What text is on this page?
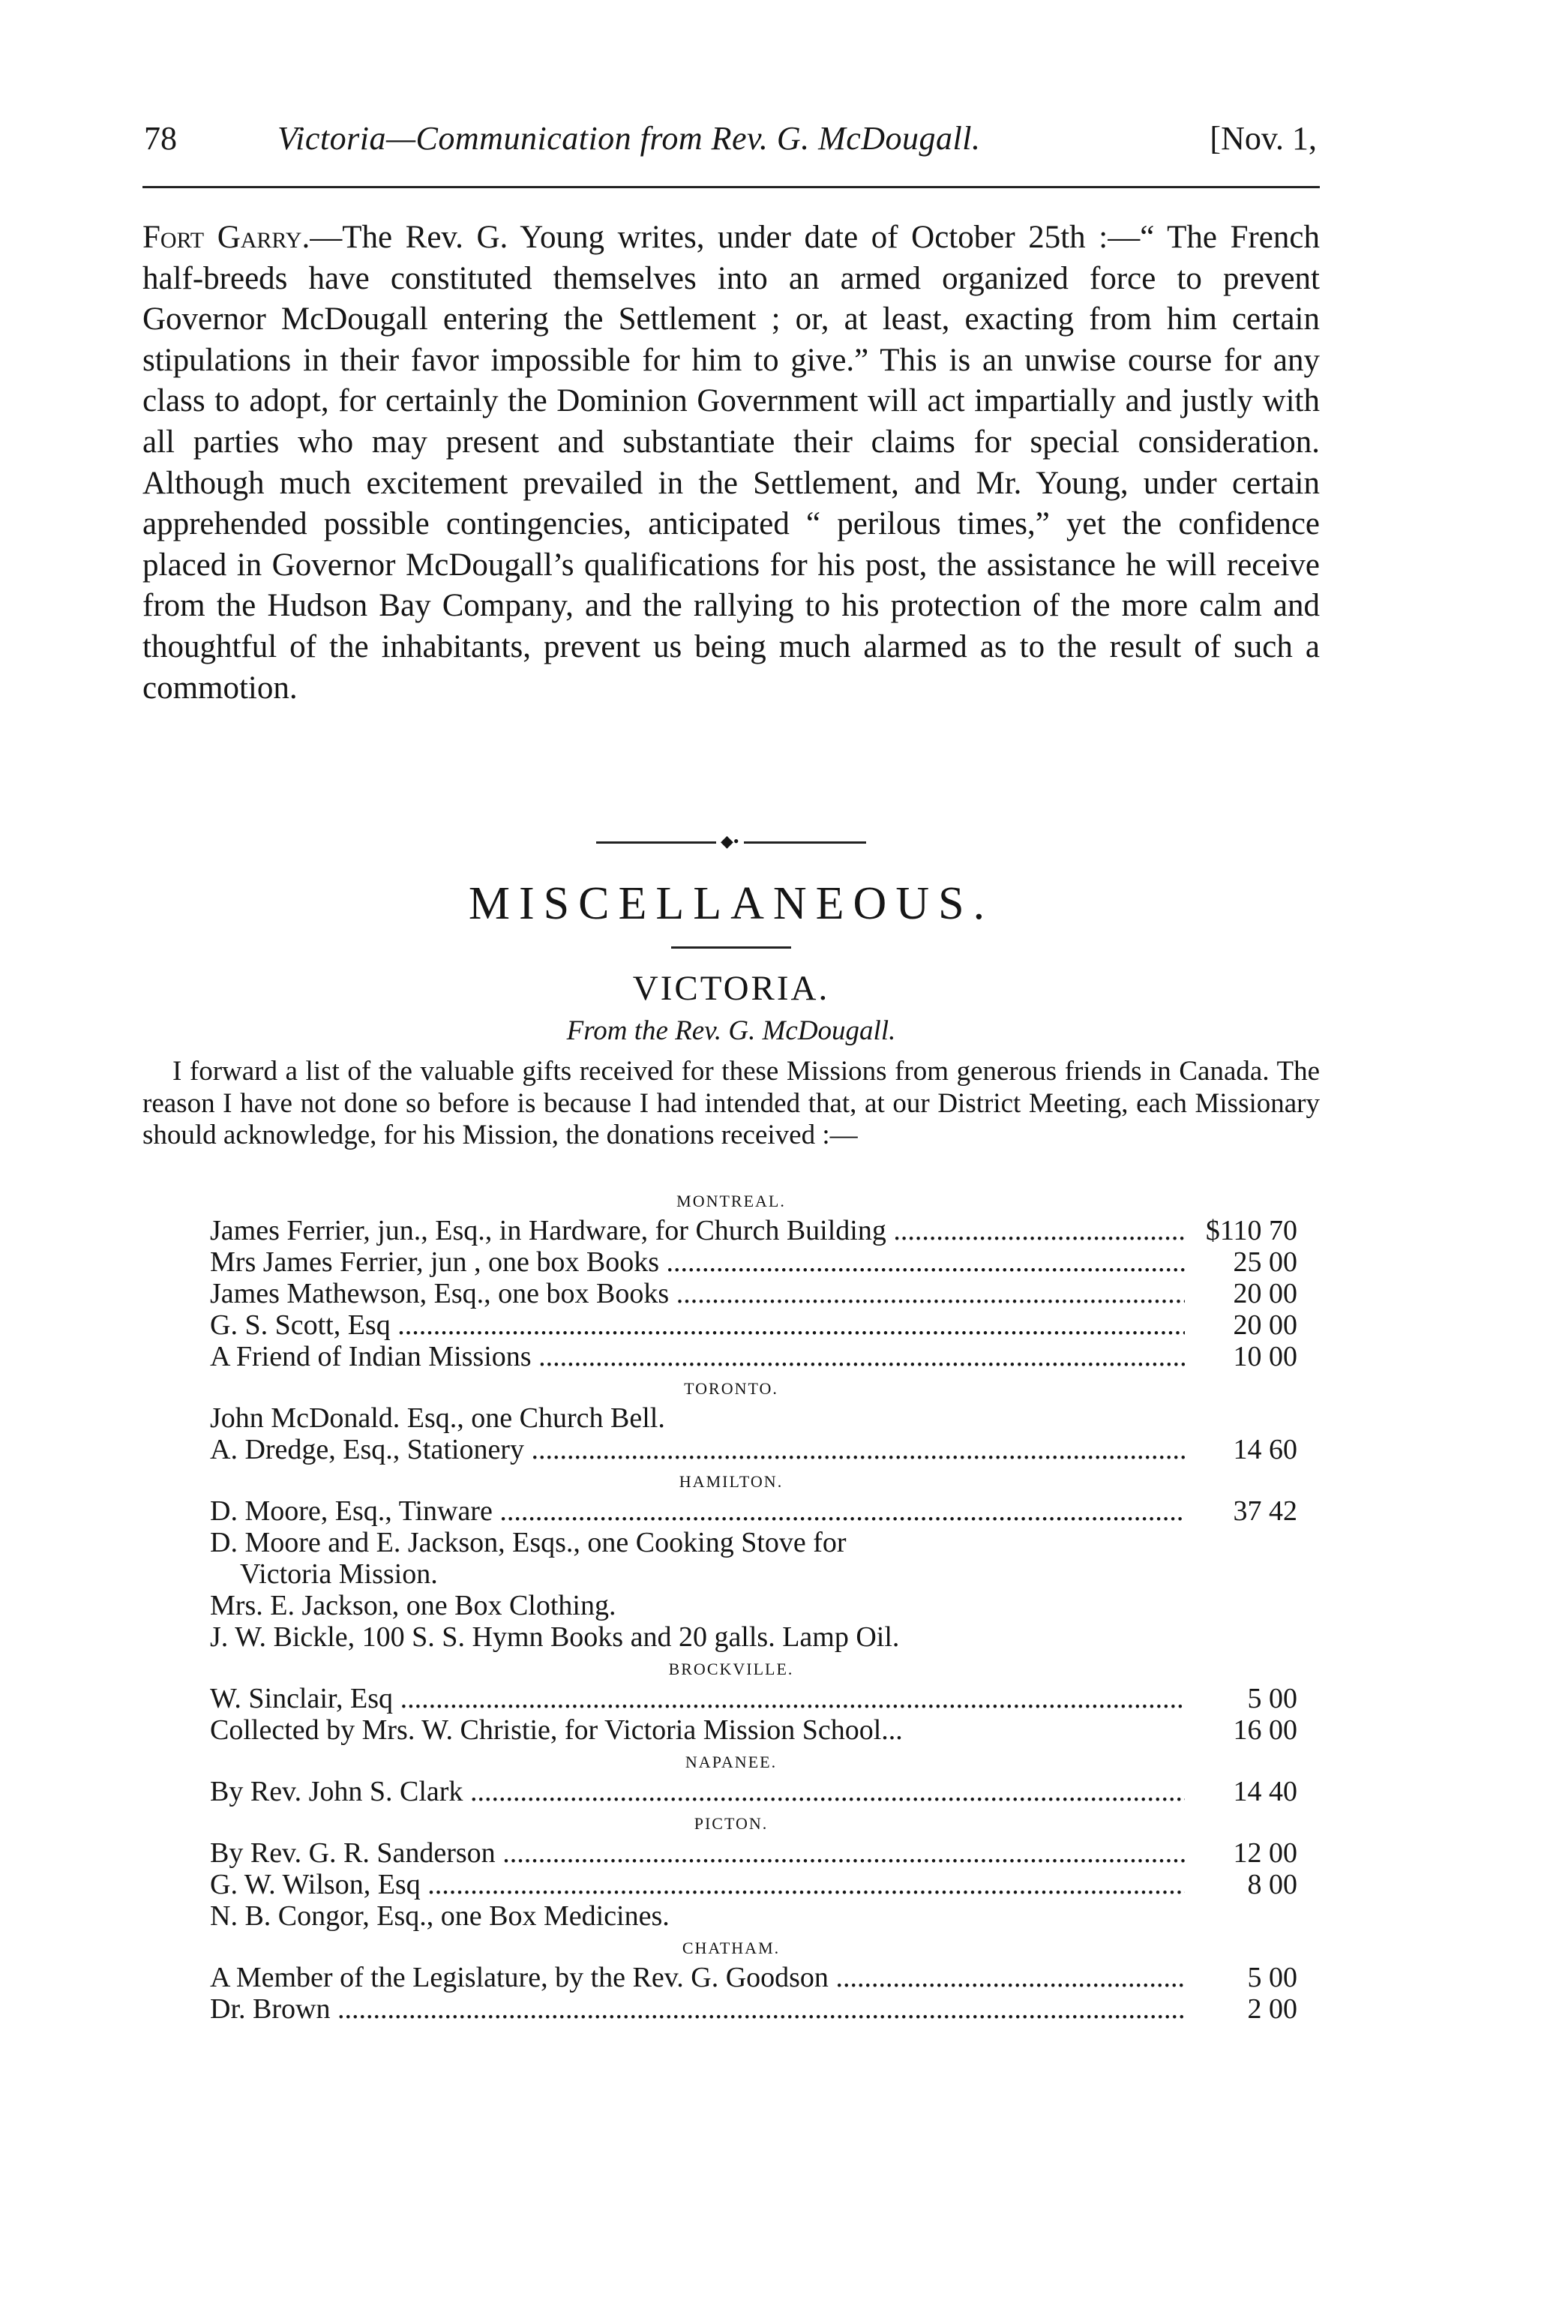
78	Victoria—Communication from Rev. G. McDougall.	[Nov. 1,

Fort Garry.—The Rev. G. Young writes, under date of October 25th :—“ The French half-breeds have constituted themselves into an armed organized force to prevent Governor McDougall entering the Settlement ; or, at least, exacting from him certain stipulations in their favor impossible for him to give.” This is an unwise course for any class to adopt, for certainly the Dominion Government will act impartially and justly with all parties who may present and substantiate their claims for special consideration. Although much excitement prevailed in the Settlement, and Mr. Young, under certain apprehended possible contingencies, anticipated “ perilous times,” yet the confidence placed in Governor McDougall’s qualifications for his post, the assistance he will receive from the Hudson Bay Company, and the rallying to his protection of the more calm and thoughtful of the inhabitants, prevent us being much alarmed as to the result of such a commotion.

◆•
MISCELLANEOUS.
VICTORIA.

From the Rev. G. McDougall.

I forward a list of the valuable gifts received for these Missions from generous friends in Canada. The reason I have not done so before is because I had intended that, at our District Meeting, each Missionary should acknowledge, for his Mission, the donations received :—

MONTREAL.
James Ferrier, jun., Esq., in Hardware, for Church Building .....	$110 70
Mrs James Ferrier, jun , one box Books .....	25 00
James Mathewson, Esq., one box Books .....	20 00
G. S. Scott, Esq .....	20 00
A Friend of Indian Missions .....	10 00
TORONTO.
John McDonald. Esq., one Church Bell.
A. Dredge, Esq., Stationery .....	14 60
HAMILTON.
D. Moore, Esq., Tinware .....	37 42
D. Moore and E. Jackson, Esqs., one Cooking Stove for
Victoria Mission.
Mrs. E. Jackson, one Box Clothing.
J. W. Bickle, 100 S. S. Hymn Books and 20 galls. Lamp Oil.
BROCKVILLE.
W. Sinclair, Esq .....	5 00
Collected by Mrs. W. Christie, for Victoria Mission School...	16 00
NAPANEE.
By Rev. John S. Clark .....	14 40
PICTON.
By Rev. G. R. Sanderson .....	12 00
G. W. Wilson, Esq .....	8 00
N. B. Congor, Esq., one Box Medicines.
CHATHAM.
A Member of the Legislature, by the Rev. G. Goodson .....	5 00
Dr. Brown .....	2 00
